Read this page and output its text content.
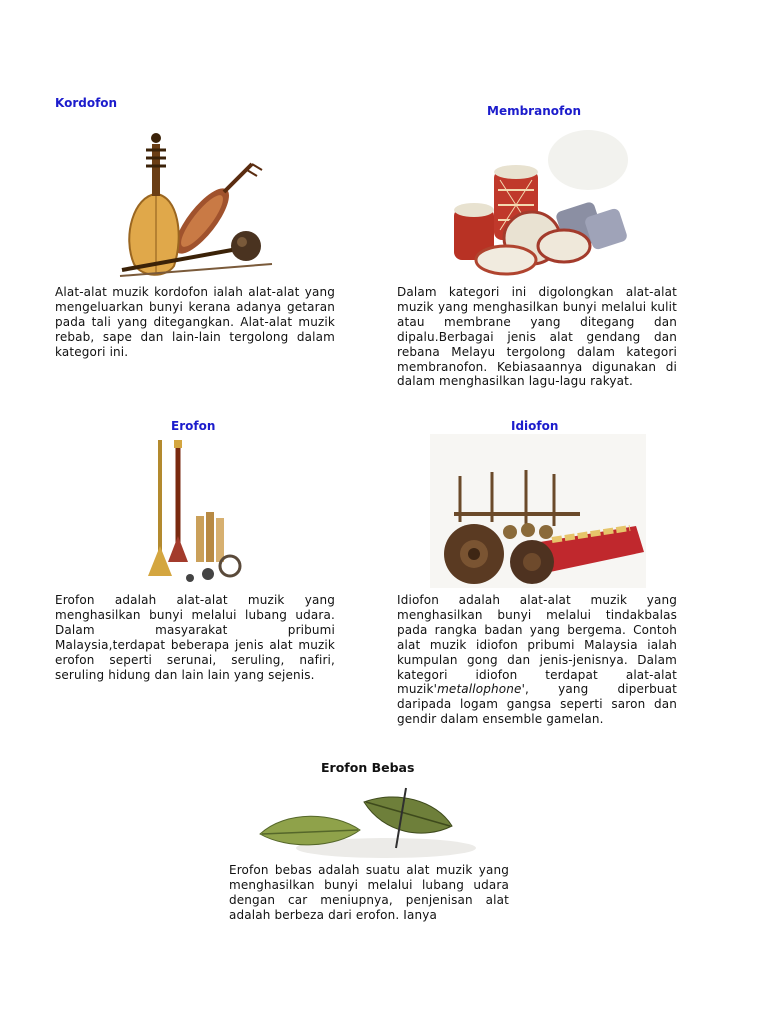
Kordofon

Alat-alat muzik kordofon ialah alat-alat yang mengeluarkan bunyi kerana adanya getaran pada tali yang ditegangkan. Alat-alat muzik rebab, sape dan lain-lain tergolong dalam kategori ini.

Membranofon

Dalam kategori ini digolongkan alat-alat muzik yang menghasilkan bunyi melalui kulit atau membrane yang ditegang dan dipalu.Berbagai jenis alat gendang dan rebana Melayu tergolong dalam kategori membranofon. Kebiasaannya digunakan di dalam menghasilkan lagu-lagu rakyat.

Erofon

Erofon adalah alat-alat muzik yang menghasilkan bunyi melalui lubang udara. Dalam masyarakat pribumi Malaysia,terdapat beberapa jenis alat muzik erofon seperti serunai, seruling, nafiri, seruling hidung dan lain lain yang sejenis.

Idiofon

Idiofon adalah alat-alat muzik yang menghasilkan bunyi melalui tindakbalas pada rangka badan yang bergema. Contoh alat muzik idiofon pribumi Malaysia ialah kumpulan gong dan jenis-jenisnya. Dalam kategori idiofon terdapat alat-alat muzik'metallophone', yang diperbuat daripada logam gangsa seperti saron dan gendir dalam ensemble gamelan.

Erofon Bebas

Erofon bebas adalah suatu alat muzik yang menghasilkan bunyi melalui lubang udara dengan car meniupnya, penjenisan alat adalah berbeza dari erofon. Ianya
